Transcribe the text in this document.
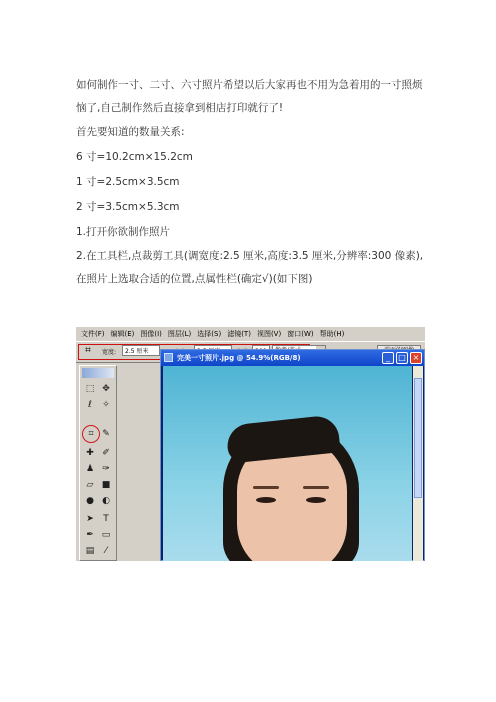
如何制作一寸、二寸、六寸照片希望以后大家再也不用为急着用的一寸照烦恼了,自己制作然后直接拿到相店打印就行了!

首先要知道的数量关系:

6 寸=10.2cm×15.2cm

1 寸=2.5cm×3.5cm

2 寸=3.5cm×5.3cm

1.打开你欲制作照片

2.在工具栏,点裁剪工具(调宽度:2.5 厘米,高度:3.5 厘米,分辨率:300 像素),在照片上选取合适的位置,点属性栏(确定√)(如下图)

文件(F) 编辑(E) 图像(I) 图层(L) 选择(S) 滤镜(T) 视图(V) 窗口(W) 帮助(H)
⌗	宽度:	2.5 厘米
⬚ ✥
ℓ	✧
⌗ ✎
✚ ✐
♟ ✑
▱ ■
● ◐
➤	T
✒ ▭
▤	⁄
完美一寸照片.jpg @ 54.9%(RGB/8)	_	□ ×
